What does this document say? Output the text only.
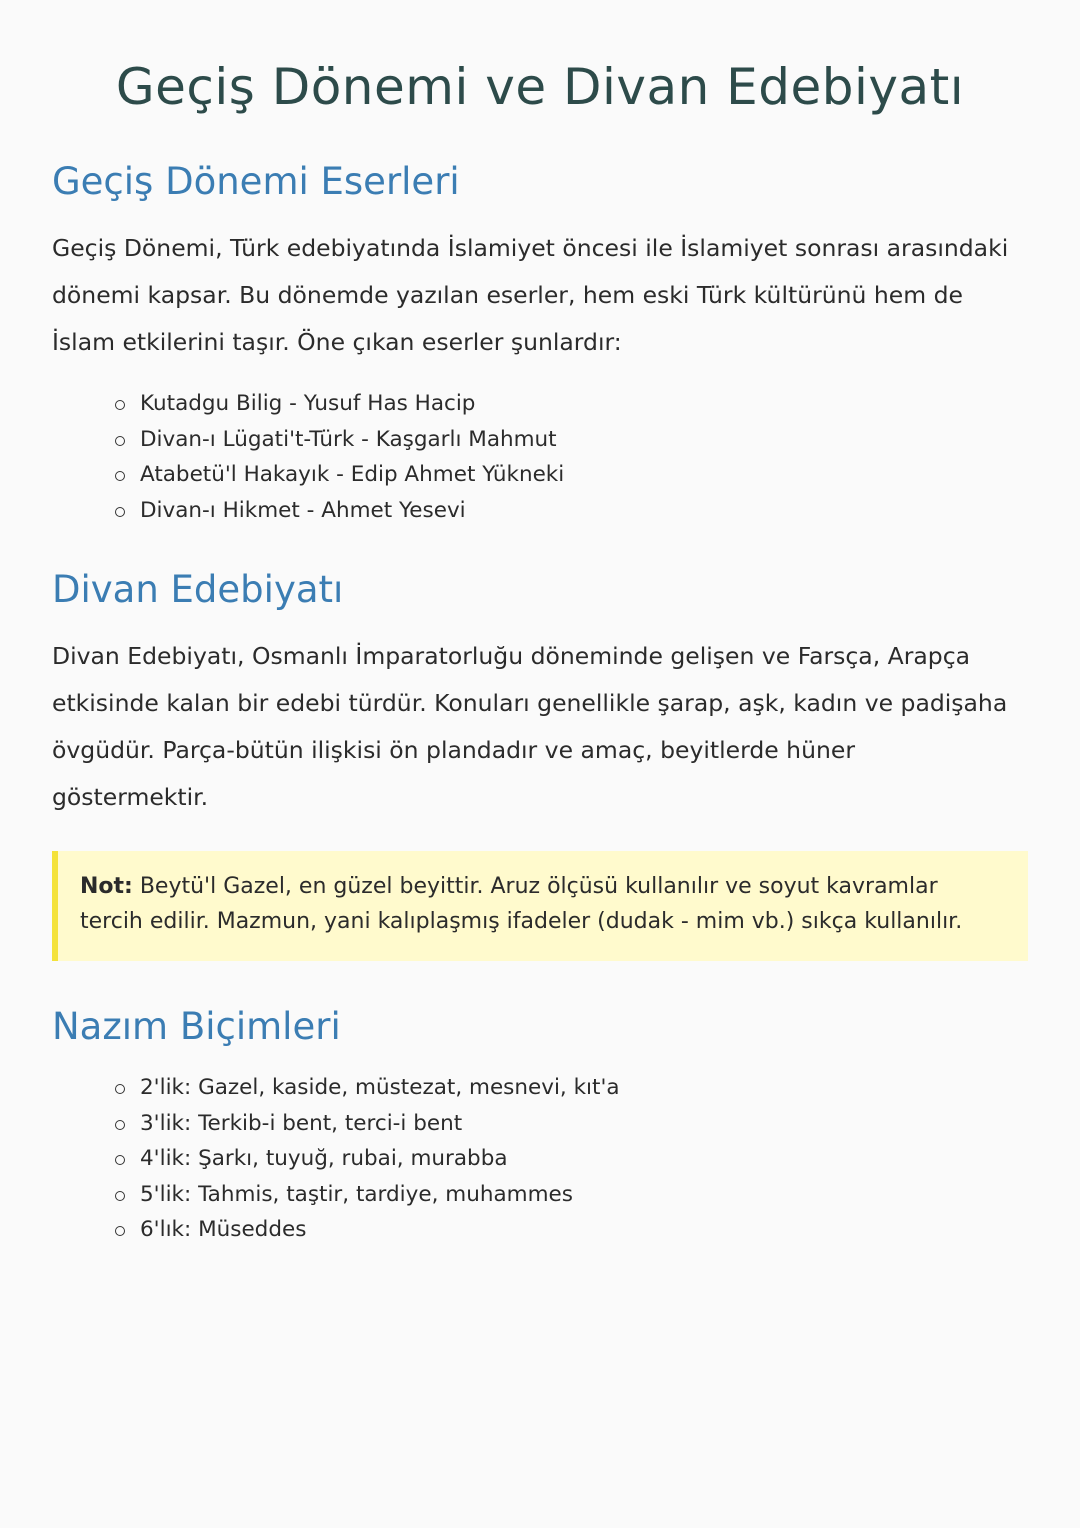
Geçiş Dönemi ve Divan Edebiyatı
Geçiş Dönemi Eserleri

Geçiş Dönemi, Türk edebiyatında İslamiyet öncesi ile İslamiyet sonrası arasındaki dönemi kapsar. Bu dönemde yazılan eserler, hem eski Türk kültürünü hem de İslam etkilerini taşır. Öne çıkan eserler şunlardır:

Kutadgu Bilig - Yusuf Has Hacip
Divan-ı Lügati't-Türk - Kaşgarlı Mahmut
Atabetü'l Hakayık - Edip Ahmet Yükneki
Divan-ı Hikmet - Ahmet Yesevi
Divan Edebiyatı

Divan Edebiyatı, Osmanlı İmparatorluğu döneminde gelişen ve Farsça, Arapça etkisinde kalan bir edebi türdür. Konuları genellikle şarap, aşk, kadın ve padişaha övgüdür. Parça-bütün ilişkisi ön plandadır ve amaç, beyitlerde hüner göstermektir.

Not: Beytü'l Gazel, en güzel beyittir. Aruz ölçüsü kullanılır ve soyut kavramlar tercih edilir. Mazmun, yani kalıplaşmış ifadeler (dudak - mim vb.) sıkça kullanılır.
Nazım Biçimleri
2'lik: Gazel, kaside, müstezat, mesnevi, kıt'a
3'lik: Terkib-i bent, terci-i bent
4'lik: Şarkı, tuyuğ, rubai, murabba
5'lik: Tahmis, taştir, tardiye, muhammes
6'lık: Müseddes
